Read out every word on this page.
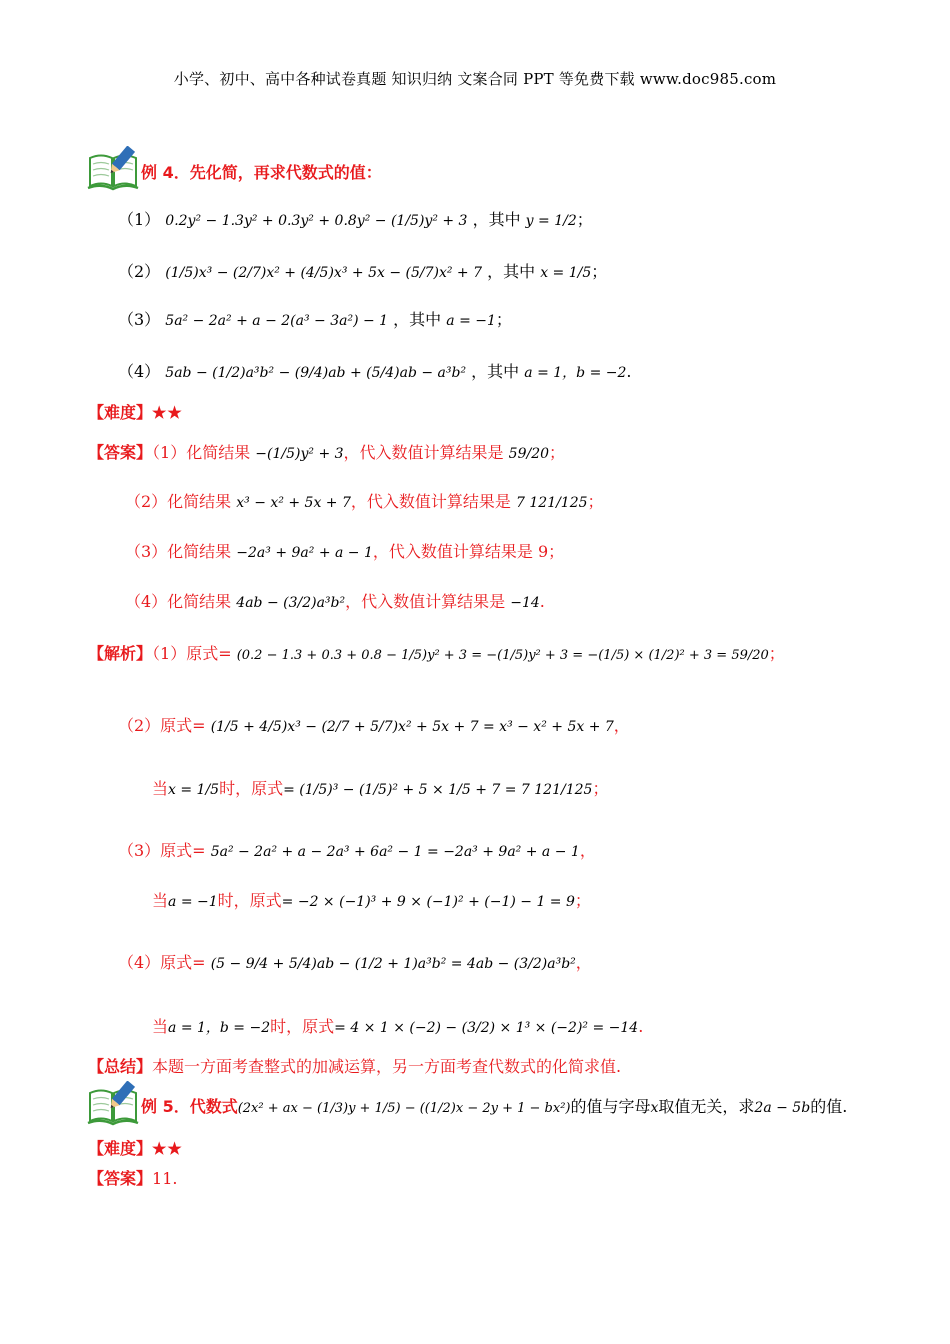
小学、初中、高中各种试卷真题 知识归纳 文案合同 PPT 等免费下载 www.doc985.com
例 4．先化简，再求代数式的值：
（1） 0.2y² − 1.3y² + 0.3y² + 0.8y² − (1/5)y² + 3 ，其中 y = 1/2；
（2） (1/5)x³ − (2/7)x² + (4/5)x³ + 5x − (5/7)x² + 7 ，其中 x = 1/5；
（3） 5a² − 2a² + a − 2(a³ − 3a²) − 1 ，其中 a = −1；
（4） 5ab − (1/2)a³b² − (9/4)ab + (5/4)ab − a³b² ，其中 a = 1，b = −2.
【难度】★★
【答案】（1）化简结果 −(1/5)y² + 3，代入数值计算结果是 59/20；
（2）化简结果 x³ − x² + 5x + 7，代入数值计算结果是 7 121/125；
（3）化简结果 −2a³ + 9a² + a − 1，代入数值计算结果是 9；
（4）化简结果 4ab − (3/2)a³b²，代入数值计算结果是 −14.
【解析】（1）原式= (0.2 − 1.3 + 0.3 + 0.8 − 1/5)y² + 3 = −(1/5)y² + 3 = −(1/5) × (1/2)² + 3 = 59/20；
（2）原式= (1/5 + 4/5)x³ − (2/7 + 5/7)x² + 5x + 7 = x³ − x² + 5x + 7，
当x = 1/5时，原式= (1/5)³ − (1/5)² + 5 × 1/5 + 7 = 7 121/125；
（3）原式= 5a² − 2a² + a − 2a³ + 6a² − 1 = −2a³ + 9a² + a − 1，
当a = −1时，原式= −2 × (−1)³ + 9 × (−1)² + (−1) − 1 = 9；
（4）原式= (5 − 9/4 + 5/4)ab − (1/2 + 1)a³b² = 4ab − (3/2)a³b²，
当a = 1，b = −2时，原式= 4 × 1 × (−2) − (3/2) × 1³ × (−2)² = −14.
【总结】本题一方面考查整式的加减运算，另一方面考查代数式的化简求值.
例 5．代数式(2x² + ax − (1/3)y + 1/5) − ((1/2)x − 2y + 1 − bx²)的值与字母x取值无关，求2a − 5b的值.
【难度】★★
【答案】11.
